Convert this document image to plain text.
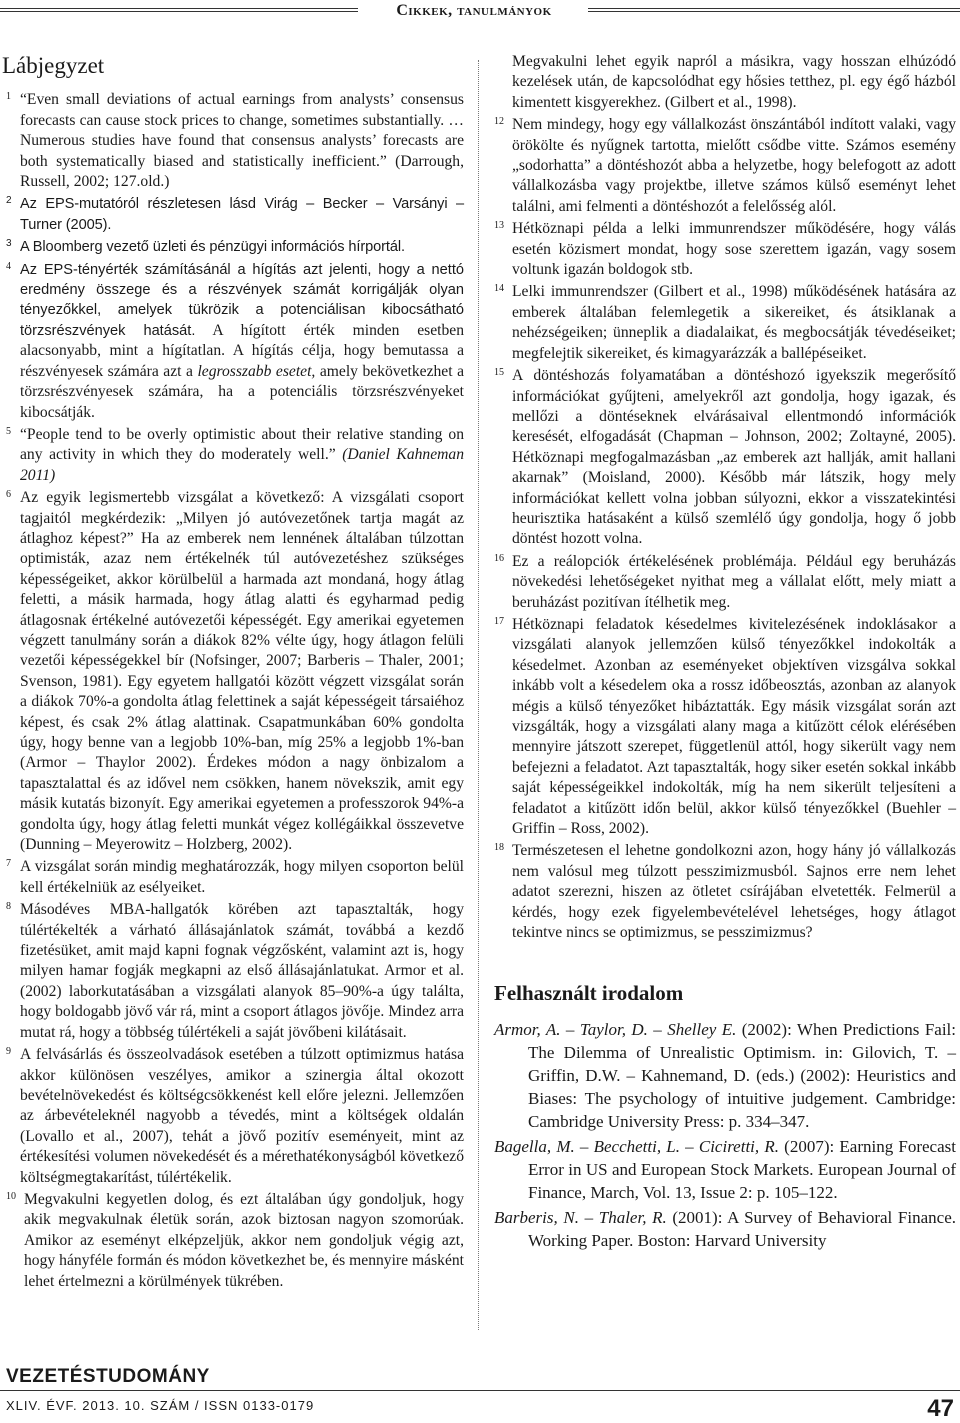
Cikkek, tanulmányok
Lábjegyzet
1 “Even small deviations of actual earnings from analysts’ consensus forecasts can cause stock prices to change, sometimes substantially. … Numerous studies have found that consensus analysts’ forecasts are both systematically biased and statistically inefficient.” (Darrough, Russell, 2002; 127.old.)
2 Az EPS-mutatóról részletesen lásd Virág – Becker – Varsányi – Turner (2005).
3 A Bloomberg vezető üzleti és pénzügyi információs hírportál.
4 Az EPS-tényérték számításánál a hígítás azt jelenti, hogy a nettó eredmény összege és a részvények számát korrigálják olyan tényezőkkel, amelyek tükrözik a potenciálisan kibocsátható törzsrészvények hatását. A hígított érték minden esetben alacsonyabb, mint a hígítatlan. A hígítás célja, hogy bemutassa a részvényesek számára azt a legrosszabb esetet, amely bekövetkezhet a törzsrészvényesek számára, ha a potenciális törzsrészvényeket kibocsátják.
5 “People tend to be overly optimistic about their relative standing on any activity in which they do moderately well.” (Daniel Kahneman 2011)
6 Az egyik legismertebb vizsgálat a következő: A vizsgálati csoport tagjaitól megkérdezik: „Milyen jó autóvezetőnek tartja magát az átlaghoz képest?” Ha az emberek nem lennének általában túlzottan optimisták, azaz nem értékelnék túl autóvezetéshez szükséges képességeiket, akkor körülbelül a harmada azt mondaná, hogy átlag feletti, a másik harmada, hogy átlag alatti és egyharmad pedig átlagosnak értékelné autóvezetői képességét. Egy amerikai egyetemen végzett tanulmány során a diákok 82% vélte úgy, hogy átlagon felüli vezetői képességekkel bír (Nofsinger, 2007; Barberis – Thaler, 2001; Svenson, 1981). Egy egyetem hallgatói között végzett vizsgálat során a diákok 70%-a gondolta átlag felettinek a saját képességeit társaiéhoz képest, és csak 2% átlag alattinak. Csapatmunkában 60% gondolta úgy, hogy benne van a legjobb 10%-ban, míg 25% a legjobb 1%-ban (Armor – Thaylor 2002). Érdekes módon a nagy önbizalom a tapasztalattal és az idővel nem csökken, hanem növekszik, amit egy másik kutatás bizonyít. Egy amerikai egyetemen a professzorok 94%-a gondolta úgy, hogy átlag feletti munkát végez kollégáikkal összevetve (Dunning – Meyerowitz – Holzberg, 2002).
7 A vizsgálat során mindig meghatározzák, hogy milyen csoporton belül kell értékelniük az esélyeiket.
8 Másodéves MBA-hallgatók körében azt tapasztalták, hogy túlértékelték a várható állásajánlatok számát, továbbá a kezdő fizetésüket, amit majd kapni fognak végzősként, valamint azt is, hogy milyen hamar fogják megkapni az első állásajánlatukat. Armor et al. (2002) laborkutatásában a vizsgálati alanyok 85–90%-a úgy találta, hogy boldogabb jövő vár rá, mint a csoport átlagos jövője. Mindez arra mutat rá, hogy a többség túlértékeli a saját jövőbeni kilátásait.
9 A felvásárlás és összeolvadások esetében a túlzott optimizmus hatása akkor különösen veszélyes, amikor a szinergia által okozott bevételnövekedést és költségcsökkenést kell előre jelezni. Jellemzően az árbevételeknél nagyobb a tévedés, mint a költségek oldalán (Lovallo et al., 2007), tehát a jövő pozitív eseményeit, mint az értékesítési volumen növekedését és a mérethatékonyságból következő költségmegtakarítást, túlértékelik.
10 Megvakulni kegyetlen dolog, és ezt általában úgy gondoljuk, hogy akik megvakulnak életük során, azok biztosan nagyon szomorúak. Amikor az eseményt elképzeljük, akkor nem gondoljuk végig azt, hogy hányféle formán és módon következhet be, és mennyire másként lehet értelmezni a körülmények tükrében.
Megvakulni lehet egyik napról a másikra, vagy hosszan elhúzódó kezelések után, de kapcsolódhat egy hősies tetthez, pl. egy égő házból kimentett kisgyerekhez. (Gilbert et al., 1998).
12 Nem mindegy, hogy egy vállalkozást önszántából indított valaki, vagy örökölte és nyűgnek tartotta, mielőtt csődbe vitte. Számos esemény „sodorhatta” a döntéshozót abba a helyzetbe, hogy belefogott az adott vállalkozásba vagy projektbe, illetve számos külső eseményt lehet találni, ami felmenti a döntéshozót a felelősség alól.
13 Hétköznapi példa a lelki immunrendszer működésére, hogy válás esetén közismert mondat, hogy sose szerettem igazán, vagy sosem voltunk igazán boldogok stb.
14 Lelki immunrendszer (Gilbert et al., 1998) működésének hatására az emberek általában felemlegetik a sikereiket, és átsiklanak a nehézségeiken; ünneplik a diadalaikat, és megbocsátják tévedéseiket; megfelejtik sikereiket, és kimagyarázzák a ballépéseiket.
15 A döntéshozás folyamatában a döntéshozó igyekszik megerősítő információkat gyűjteni, amelyekről azt gondolja, hogy igazak, és mellőzi a döntéseknek elvárásaival ellentmondó információk keresését, elfogadását (Chapman – Johnson, 2002; Zoltayné, 2005). Hétköznapi megfogalmazásban „az emberek azt hallják, amit hallani akarnak” (Moisland, 2000). Később már látszik, hogy mely információkat kellett volna jobban súlyozni, ekkor a visszatekintési heurisztika hatásaként a külső szemlélő úgy gondolja, hogy ő jobb döntést hozott volna.
16 Ez a reálopciók értékelésének problémája. Például egy beruházás növekedési lehetőségeket nyithat meg a vállalat előtt, mely miatt a beruházást pozitívan ítélhetik meg.
17 Hétköznapi feladatok késedelmes kivitelezésének indoklásakor a vizsgálati alanyok jellemzően külső tényezőkkel indokolták a késedelmet. Azonban az eseményeket objektíven vizsgálva sokkal inkább volt a késedelem oka a rossz időbeosztás, azonban az alanyok mégis a külső tényezőket hibáztatták. Egy másik vizsgálat során azt vizsgálták, hogy a vizsgálati alany maga a kitűzött célok elérésében mennyire játszott szerepet, függetlenül attól, hogy sikerült vagy nem befejezni a feladatot. Azt tapasztalták, hogy siker esetén sokkal inkább saját képességeikkel indokolták, míg ha nem sikerült teljesíteni a feladatot a kitűzött időn belül, akkor külső tényezőkkel (Buehler – Griffin – Ross, 2002).
18 Természetesen el lehetne gondolkozni azon, hogy hány jó vállalkozás nem valósul meg túlzott pesszimizmusból. Sajnos erre nem lehet adatot szerezni, hiszen az ötletet csírájában elvetették. Felmerül a kérdés, hogy ezek figyelembevételével lehetséges, hogy átlagot tekintve nincs se optimizmus, se pesszimizmus?
Felhasznált irodalom

Armor, A. – Taylor, D. – Shelley E. (2002): When Predictions Fail: The Dilemma of Unrealistic Optimism. in: Gilovich, T. – Griffin, D.W. – Kahnemand, D. (eds.) (2002): Heuristics and Biases: The psychology of intuitive judgement. Cambridge: Cambridge University Press: p. 334–347.

Bagella, M. – Becchetti, L. – Ciciretti, R. (2007): Earning Forecast Error in US and European Stock Markets. European Journal of Finance, March, Vol. 13, Issue 2: p. 105–122.

Barberis, N. – Thaler, R. (2001): A Survey of Behavioral Finance. Working Paper. Boston: Harvard University

VEZETÉSTUDOMÁNY
XLIV. ÉVF. 2013. 10. SZÁM / ISSN 0133-0179	47
